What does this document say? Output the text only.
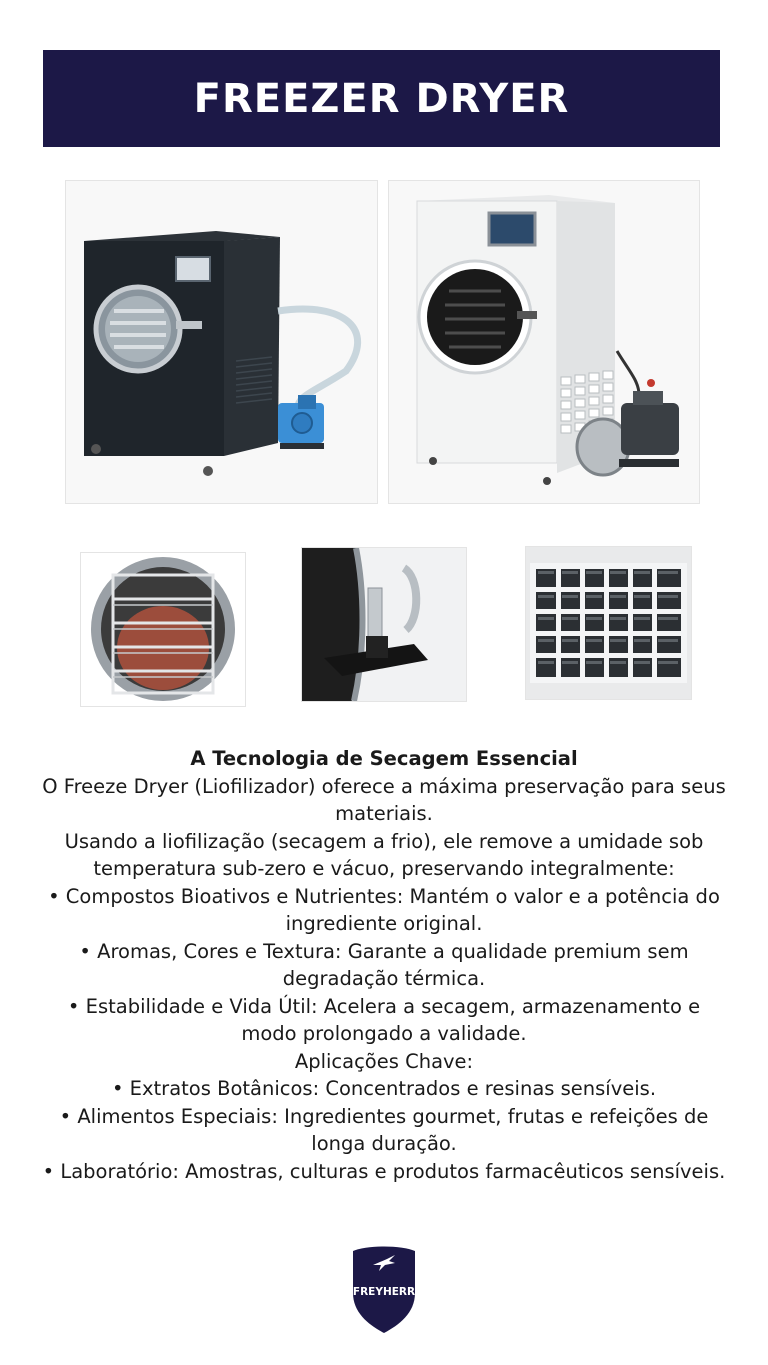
FREEZER DRYER

A Tecnologia de Secagem Essencial

O Freeze Dryer (Liofilizador) oferece a máxima preservação para seus materiais.

Usando a liofilização (secagem a frio), ele remove a umidade sob temperatura sub-zero e vácuo, preservando integralmente:

• Compostos Bioativos e Nutrientes: Mantém o valor e a potência do ingrediente original.

• Aromas, Cores e Textura: Garante a qualidade premium sem degradação térmica.

• Estabilidade e Vida Útil: Acelera a secagem, armazenamento e modo prolongado a validade.

Aplicações Chave:

• Extratos Botânicos: Concentrados e resinas sensíveis.

• Alimentos Especiais: Ingredientes gourmet, frutas e refeições de longa duração.

• Laboratório: Amostras, culturas e produtos farmacêuticos sensíveis.

FREYHERR
